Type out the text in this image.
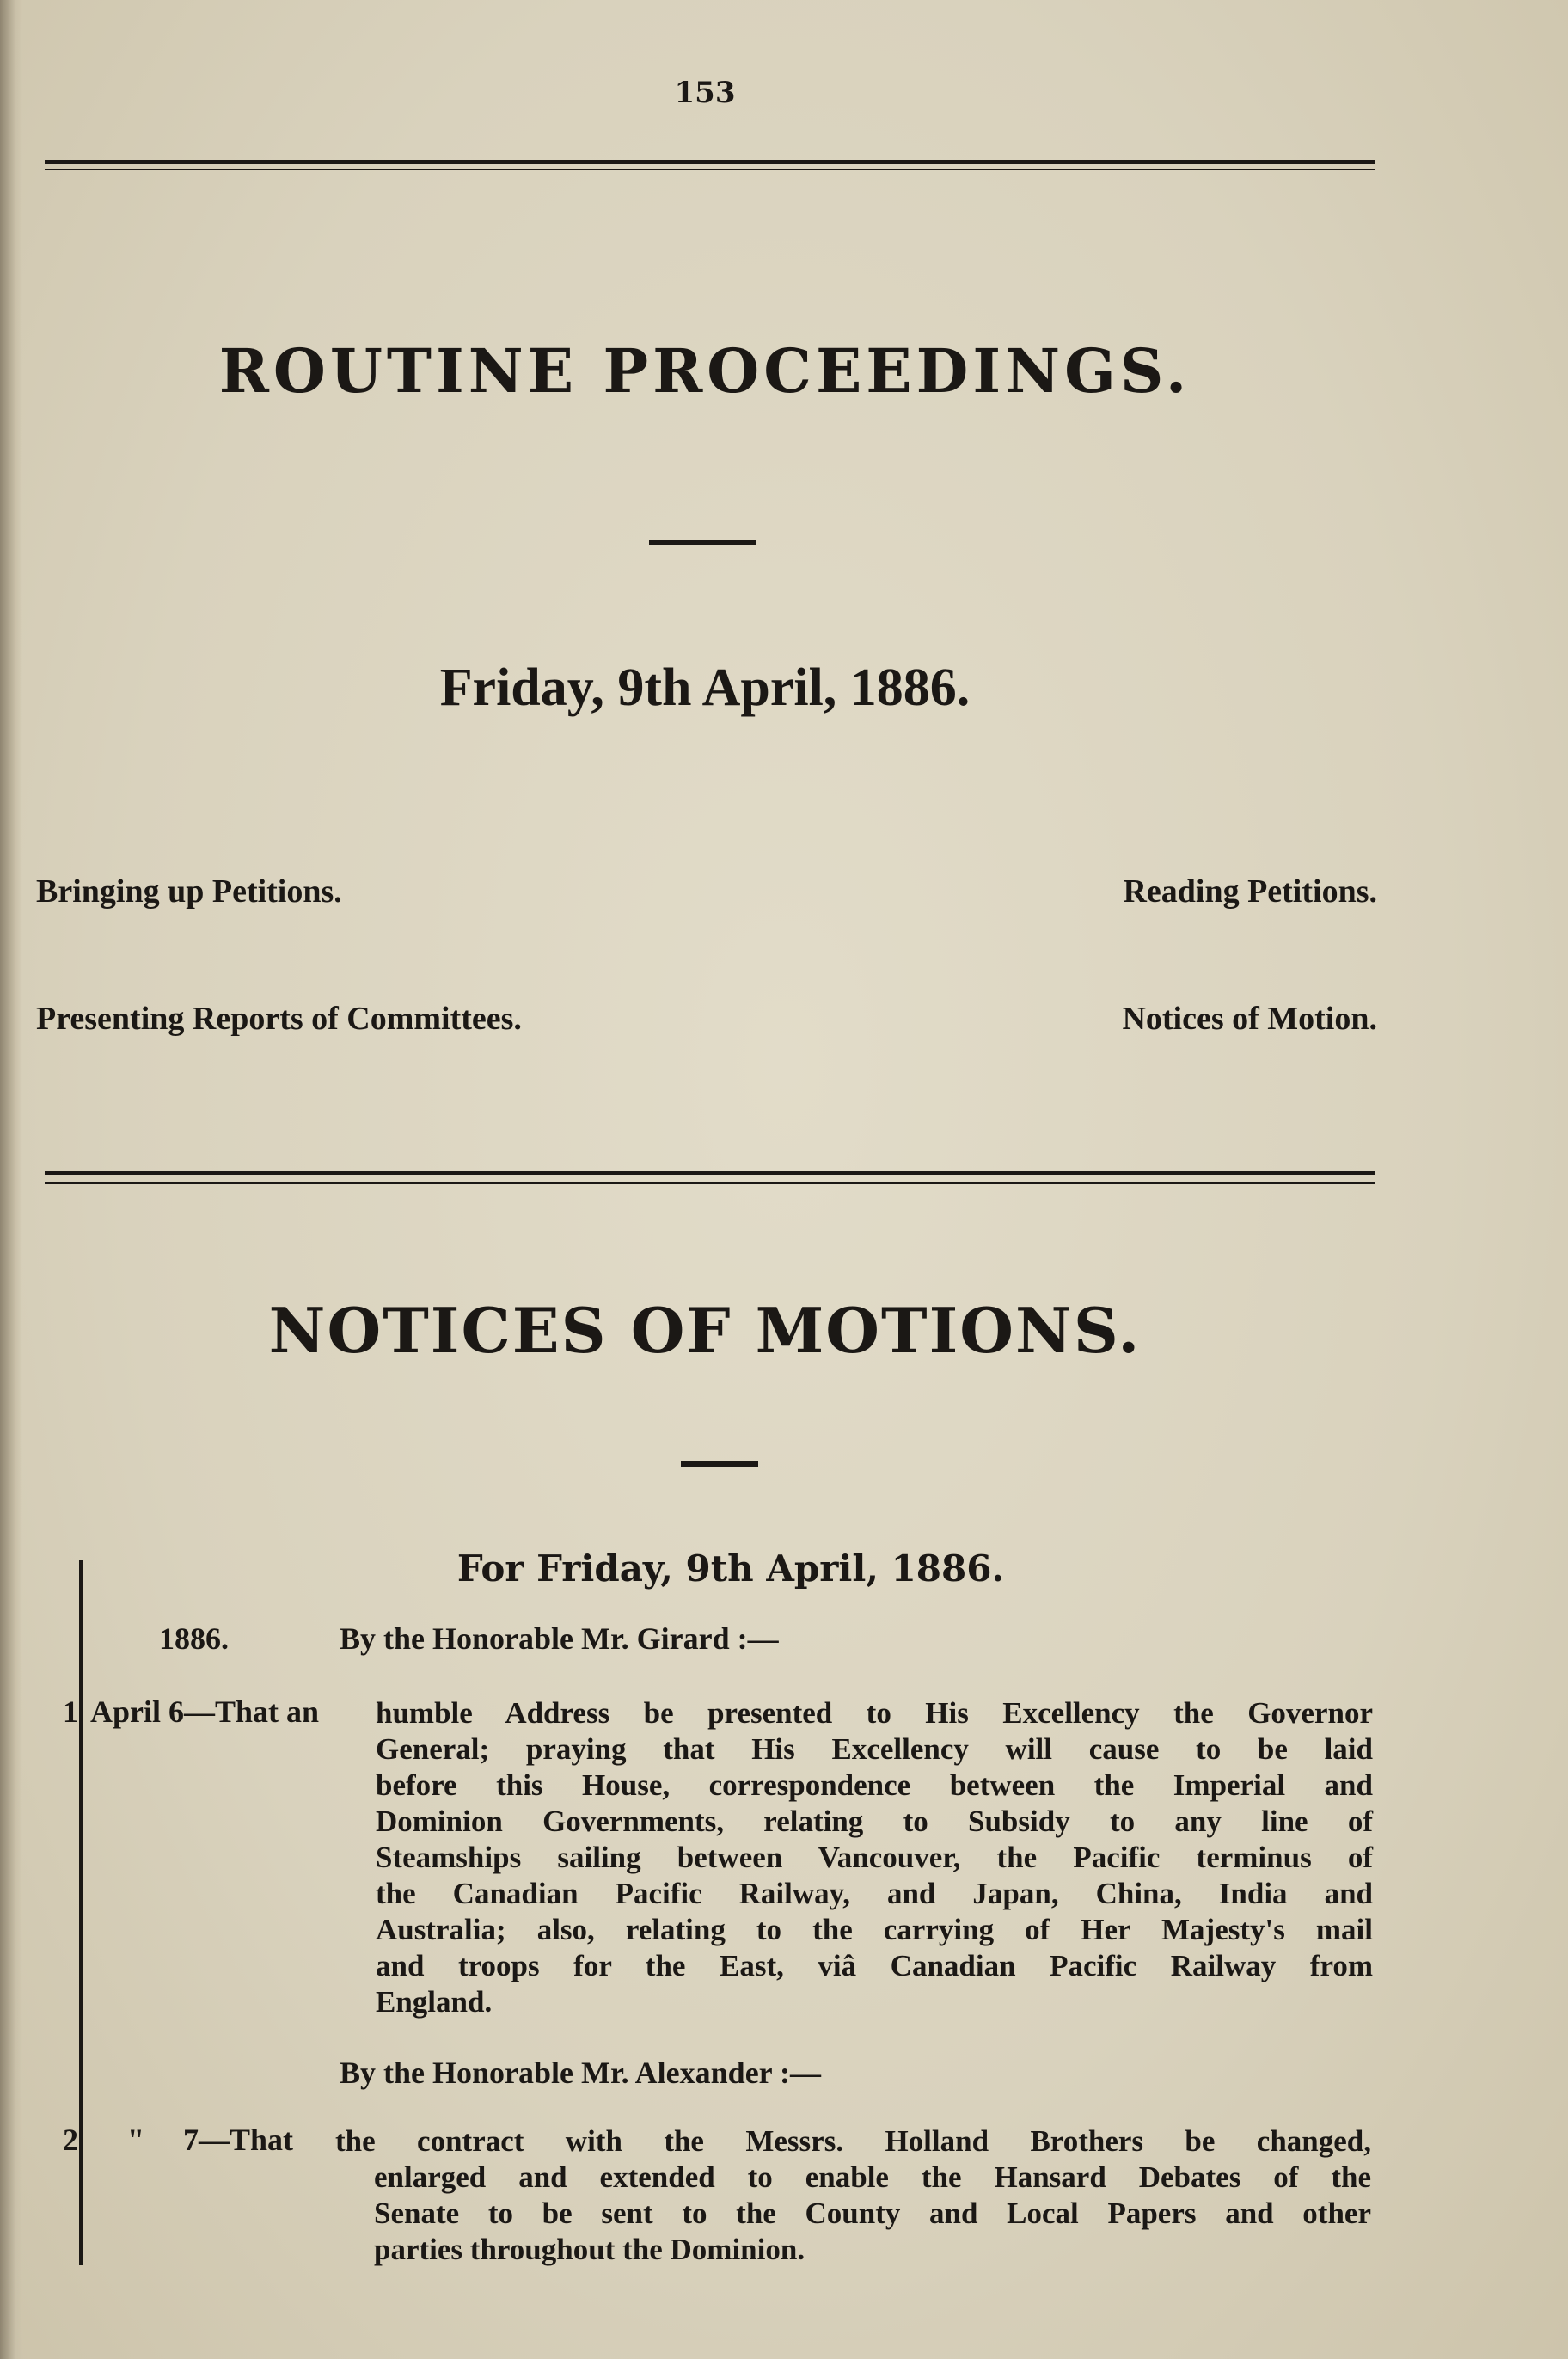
153
ROUTINE PROCEEDINGS.
Friday, 9th April, 1886.
Bringing up Petitions.	Reading Petitions.
Presenting Reports of Committees.	Notices of Motion.
NOTICES OF MOTIONS.
For Friday, 9th April, 1886.
1886.	By the Honorable Mr. Girard :—
1 April 6—That an humble Address be presented to His Excellency the Governor
General; praying that His Excellency will cause to be laid
before this House, correspondence between the Imperial and
Dominion Governments, relating to Subsidy to any line of
Steamships sailing between Vancouver, the Pacific terminus of
the Canadian Pacific Railway, and Japan, China, India and
Australia; also, relating to the carrying of Her Majesty's mail
and troops for the East, viâ Canadian Pacific Railway from
England.
By the Honorable Mr. Alexander :—
2 "     7—That the contract with the Messrs. Holland Brothers be changed,
enlarged and extended to enable the Hansard Debates of the
Senate to be sent to the County and Local Papers and other
parties throughout the Dominion.
